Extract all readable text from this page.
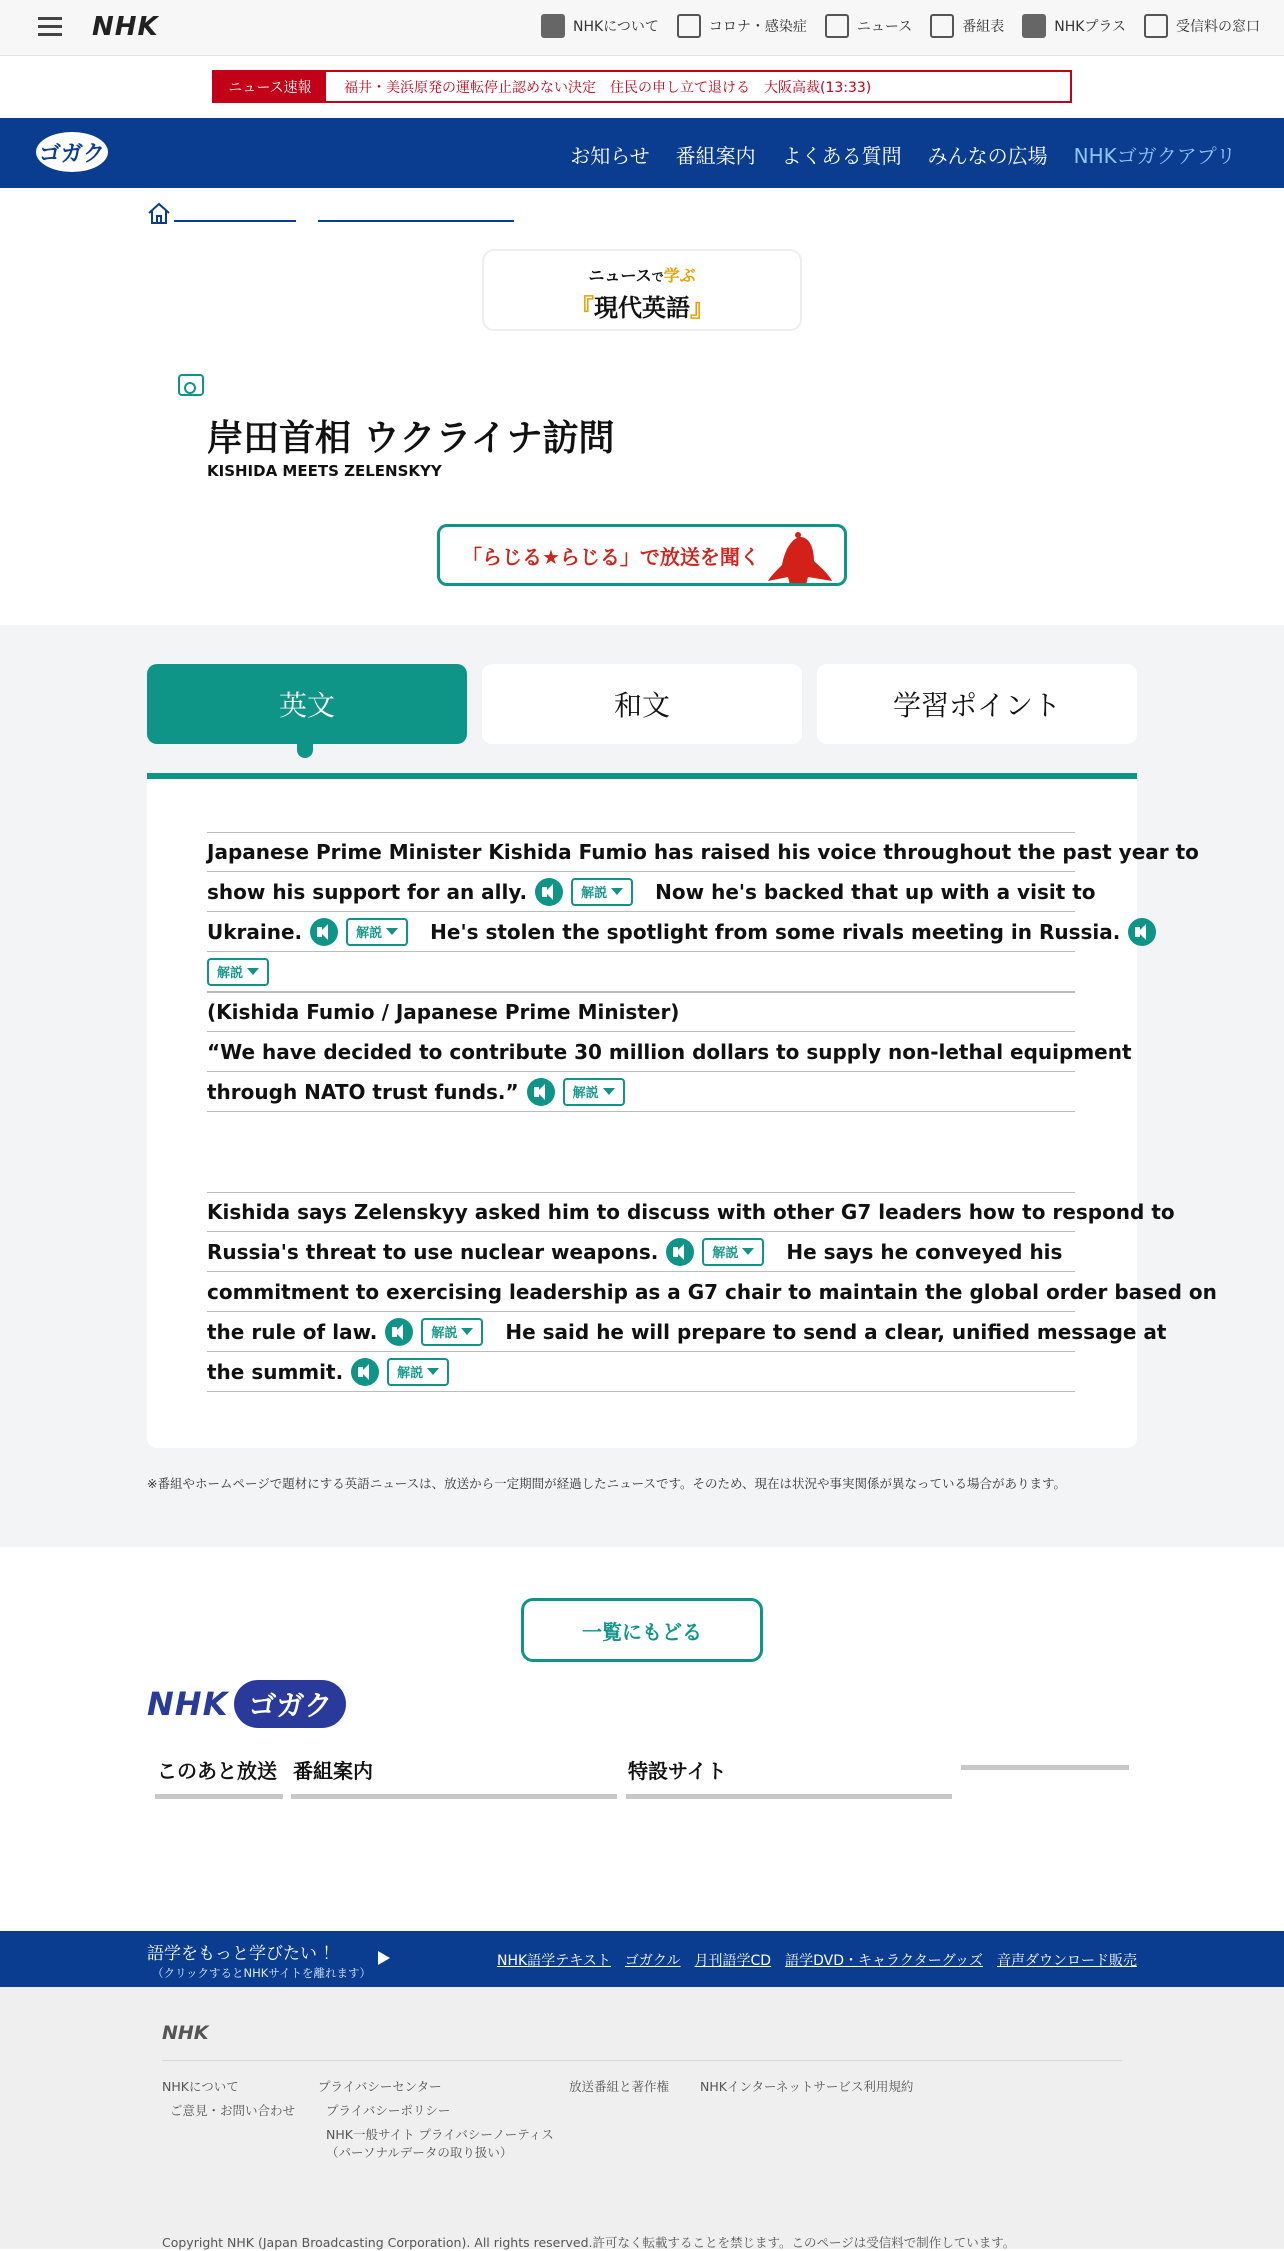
NHK	NHKについて	コロナ・感染症	ニュース	番組表	NHKプラス	受信料の窓口
ニュース速報	福井・美浜原発の運転停止認めない決定　住民の申し立て退ける　大阪高裁(13:33)
ゴガク	お知らせ 番組案内 よくある質問 みんなの広場 NHKゴガクアプリ
ニュースで学ぶ
『現代英語』
岸田首相 ウクライナ訪問
KISHIDA MEETS ZELENSKYY
「らじる★らじる」で放送を聞く
英文	和文	学習ポイント
Japanese Prime Minister Kishida Fumio has raised his voice throughout the past year to
show his support for an ally.	解説	Now he's backed that up with a visit to
Ukraine.	解説	He's stolen the spotlight from some rivals meeting in Russia.
解説
(Kishida Fumio / Japanese Prime Minister)
“We have decided to contribute 30 million dollars to supply non-lethal equipment
through NATO trust funds.”	解説
Kishida says Zelenskyy asked him to discuss with other G7 leaders how to respond to
Russia's threat to use nuclear weapons.	解説	He says he conveyed his
commitment to exercising leadership as a G7 chair to maintain the global order based on
the rule of law.	解説	He said he will prepare to send a clear, unified message at
the summit.	解説
※番組やホームページで題材にする英語ニュースは、放送から一定期間が経過したニュースです。そのため、現在は状況や事実関係が異なっている場合があります。
一覧にもどる
NHK ゴガク
このあと放送 番組案内	特設サイト
語学をもっと学びたい ！
（クリックするとNHKサイトを離れます）
NHK語学テキスト ゴガクル 月刊語学CD 語学DVD・キャラクターグッズ 音声ダウンロード販売
NHK
NHKについて
ご意見・お問い合わせ
プライバシーセンター
プライバシーポリシー
NHK一般サイト プライバシーノーティス
（パーソナルデータの取り扱い）
放送番組と著作権 NHKインターネットサービス利用規約
Copyright NHK (Japan Broadcasting Corporation). All rights reserved.許可なく転載することを禁じます。このページは受信料で制作しています。
